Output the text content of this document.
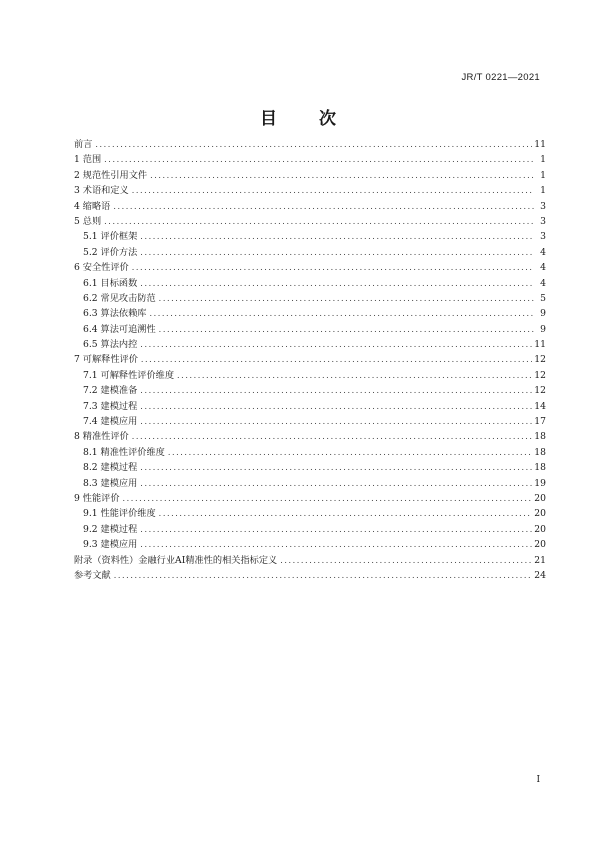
JR/T 0221—2021
目 次
前言 .....	11
1 范围 .....	1
2 规范性引用文件 .....	1
3 术语和定义 .....	1
4 缩略语 .....	3
5 总则 .....	3
5.1 评价框架 .....	3
5.2 评价方法 .....	4
6 安全性评价 .....	4
6.1 目标函数 .....	4
6.2 常见攻击防范 .....	5
6.3 算法依赖库 .....	9
6.4 算法可追溯性 .....	9
6.5 算法内控 .....	11
7 可解释性评价 .....	12
7.1 可解释性评价维度 .....	12
7.2 建模准备 .....	12
7.3 建模过程 .....	14
7.4 建模应用 .....	17
8 精准性评价 .....	18
8.1 精准性评价维度 .....	18
8.2 建模过程 .....	18
8.3 建模应用 .....	19
9 性能评价 .....	20
9.1 性能评价维度 .....	20
9.2 建模过程 .....	20
9.3 建模应用 .....	20
附录（资料性）金融行业AI精准性的相关指标定义 .....	21
参考文献 .....	24
I
